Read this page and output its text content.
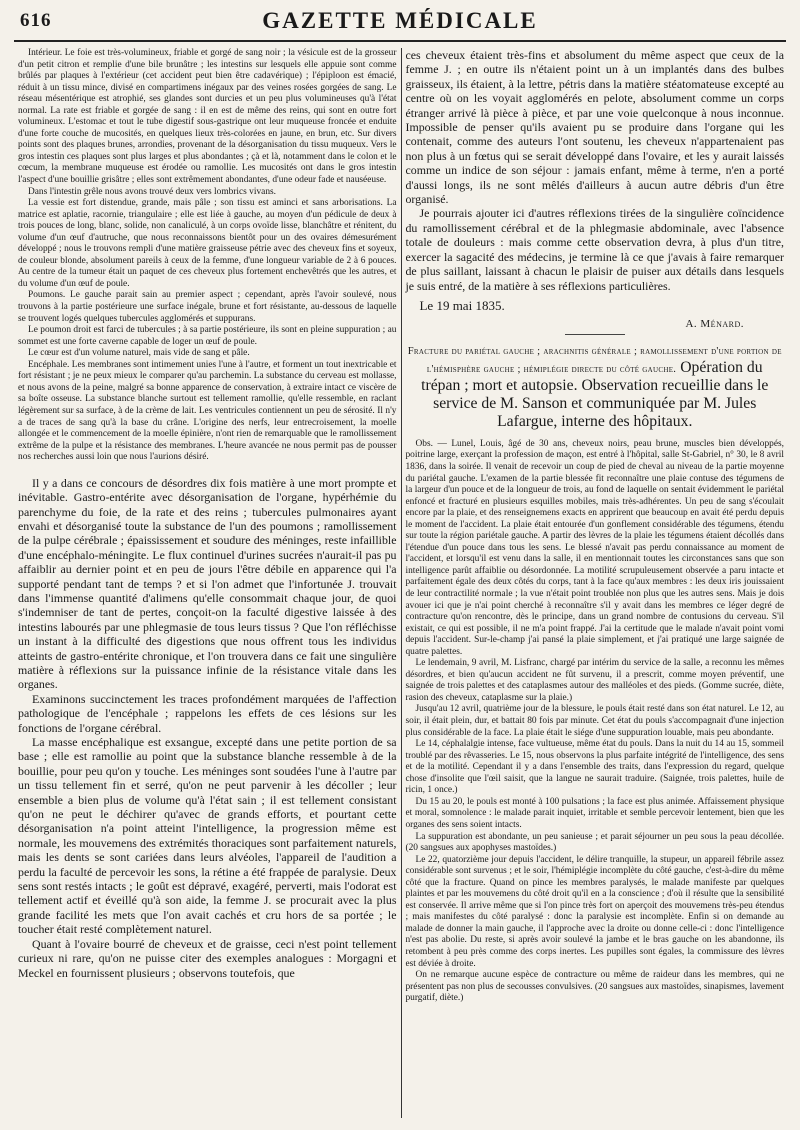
616	GAZETTE MÉDICALE

Intérieur. Le foie est très-volumineux, friable et gorgé de sang noir ; la vésicule est de la grosseur d'un petit citron et remplie d'une bile brunâtre ; les intestins sur lesquels elle appuie sont comme brûlés par plaques à l'extérieur (cet accident peut bien être cadavérique) ; l'épiploon est émacié, réduit à un tissu mince, divisé en compartimens inégaux par des veines rosées gorgées de sang. Le réseau mésentérique est atrophié, ses glandes sont durcies et un peu plus volumineuses qu'à l'état normal. La rate est friable et gorgée de sang : il en est de même des reins, qui sont en outre fort volumineux. L'estomac et tout le tube digestif sous-gastrique ont leur muqueuse froncée et enduite d'une forte couche de mucosités, en quelques lieux très-colorées en jaune, en brun, etc. Sur divers points sont des plaques brunes, arrondies, provenant de la désorganisation du tissu muqueux. Vers le gros intestin ces plaques sont plus larges et plus abondantes ; çà et là, notamment dans le colon et le cœcum, la membrane muqueuse est érodée ou ramollie. Les mucosités ont dans le gros intestin l'aspect d'une bouillie grisâtre ; elles sont extrêmement abondantes, d'une odeur fade et nauséeuse.

Dans l'intestin grêle nous avons trouvé deux vers lombrics vivans.

La vessie est fort distendue, grande, mais pâle ; son tissu est aminci et sans arborisations. La matrice est aplatie, racornie, triangulaire ; elle est liée à gauche, au moyen d'un pédicule de deux à trois pouces de long, blanc, solide, non canaliculé, à un corps ovoïde lisse, blanchâtre et rénitent, du volume d'un œuf d'autruche, que nous reconnaissons bientôt pour un des ovaires démesurément développé ; nous le trouvons rempli d'une matière graisseuse pétrie avec des cheveux fins et soyeux, de couleur blonde, absolument pareils à ceux de la femme, d'une longueur variable de 2 à 6 pouces. Au centre de la tumeur était un paquet de ces cheveux plus fortement enchevêtrés que les autres, et du volume d'un œuf de poule.

Poumons. Le gauche parait sain au premier aspect ; cependant, après l'avoir soulevé, nous trouvons à la partie postérieure une surface inégale, brune et fort résistante, au-dessous de laquelle se trouvent logés quelques tubercules agglomérés et suppurans.

Le poumon droit est farci de tubercules ; à sa partie postérieure, ils sont en pleine suppuration ; au sommet est une forte caverne capable de loger un œuf de poule.

Le cœur est d'un volume naturel, mais vide de sang et pâle.

Encéphale. Les membranes sont intimement unies l'une à l'autre, et forment un tout inextricable et fort résistant ; je ne peux mieux le comparer qu'au parchemin. La substance du cerveau est mollasse, et nous avons de la peine, malgré sa bonne apparence de conservation, à extraire intact ce viscère de sa boîte osseuse. La substance blanche surtout est tellement ramollie, qu'elle ressemble, en raclant légèrement sur sa surface, à de la crème de lait. Les ventricules contiennent un peu de sérosité. Il n'y a de traces de sang qu'à la base du crâne. L'origine des nerfs, leur entrecroisement, la moelle allongée et le commencement de la moelle épinière, n'ont rien de remarquable que le ramollissement extrême de la pulpe et la résistance des membranes. L'heure avancée ne nous permit pas de pousser nos recherches aussi loin que nous l'aurions désiré.

Il y a dans ce concours de désordres dix fois matière à une mort prompte et inévitable. Gastro-entérite avec désorganisation de l'organe, hypérhémie du parenchyme du foie, de la rate et des reins ; tubercules pulmonaires ayant envahi et désorganisé toute la substance de l'un des poumons ; ramollissement de la pulpe cérébrale ; épaississement et soudure des méninges, reste infaillible d'une encéphalo-méningite. Le flux continuel d'urines sucrées n'aurait-il pas pu affaiblir au dernier point et en peu de jours l'être débile en apparence qui l'a supporté pendant tant de temps ? et si l'on admet que l'infortunée J. trouvait dans l'immense quantité d'alimens qu'elle consommait chaque jour, de quoi s'indemniser de tant de pertes, conçoit-on la faculté digestive laissée à des intestins labourés par une phlegmasie de tous leurs tissus ? Que l'on réfléchisse un instant à la difficulté des digestions que nous offrent tous les individus atteints de gastro-entérite chronique, et l'on trouvera dans ce fait une singulière matière à réflexions sur la puissance infinie de la résistance vitale dans les organes.

Examinons succinctement les traces profondément marquées de l'affection pathologique de l'encéphale ; rappelons les effets de ces lésions sur les fonctions de l'organe cérébral.

La masse encéphalique est exsangue, excepté dans une petite portion de sa base ; elle est ramollie au point que la substance blanche ressemble à de la bouillie, pour peu qu'on y touche. Les méninges sont soudées l'une à l'autre par un tissu tellement fin et serré, qu'on ne peut parvenir à les décoller ; leur ensemble a bien plus de volume qu'à l'état sain ; il est tellement consistant qu'on ne peut le déchirer qu'avec de grands efforts, et pourtant cette désorganisation n'a point atteint l'intelligence, la progression même est normale, les mouvemens des extrémités thoraciques sont parfaitement naturels, mais les dents se sont cariées dans leurs alvéoles, l'appareil de l'audition a perdu la faculté de percevoir les sons, la rétine a été frappée de paralysie. Deux sens sont restés intacts ; le goût est dépravé, exagéré, perverti, mais l'odorat est tellement actif et éveillé qu'à son aide, la femme J. se procurait avec la plus grande facilité les mets que l'on avait cachés et cru hors de sa portée ; le toucher était resté complètement naturel.

Quant à l'ovaire bourré de cheveux et de graisse, ceci n'est point tellement curieux ni rare, qu'on ne puisse citer des exemples analogues : Morgagni et Meckel en fournissent plusieurs ; observons toutefois, que

ces cheveux étaient très-fins et absolument du même aspect que ceux de la femme J. ; en outre ils n'étaient point un à un implantés dans des bulbes graisseux, ils étaient, à la lettre, pétris dans la matière stéatomateuse excepté au centre où on les voyait agglomérés en pelote, absolument comme un corps étranger arrivé là pièce à pièce, et par une voie quelconque à nous inconnue. Impossible de penser qu'ils avaient pu se produire dans l'organe qui les contenait, comme des auteurs l'ont soutenu, les cheveux n'appartenaient pas non plus à un fœtus qui se serait développé dans l'ovaire, et les y aurait laissés comme un indice de son séjour : jamais enfant, même à terme, n'en a porté d'aussi longs, ils ne sont mêlés d'ailleurs à aucun autre débris d'un être organisé.

Je pourrais ajouter ici d'autres réflexions tirées de la singulière coïncidence du ramollissement cérébral et de la phlegmasie abdominale, avec l'absence totale de douleurs : mais comme cette observation devra, à plus d'un titre, exercer la sagacité des médecins, je termine là ce que j'avais à faire remarquer de plus saillant, laissant à chacun le plaisir de puiser aux détails dans lesquels je suis entré, de la matière à ses réflexions particulières.

Le 19 mai 1835.
A. Ménard.
Fracture du pariétal gauche ; arachnitis générale ; ramollissement d'une portion de l'hémisphère gauche ; hémiplégie directe du côté gauche. Opération du trépan ; mort et autopsie. Observation recueillie dans le service de M. Sanson et communiquée par M. Jules Lafargue, interne des hôpitaux.

Obs. — Lunel, Louis, âgé de 30 ans, cheveux noirs, peau brune, muscles bien développés, poitrine large, exerçant la profession de maçon, est entré à l'hôpital, salle St-Gabriel, n° 30, le 8 avril 1836, dans la soirée. Il venait de recevoir un coup de pied de cheval au niveau de la partie moyenne du pariétal gauche. L'examen de la partie blessée fit reconnaître une plaie contuse des tégumens de la largeur d'un pouce et de la longueur de trois, au fond de laquelle on sentait évidemment le pariétal enfoncé et fracturé en plusieurs esquilles mobiles, mais très-adhérentes. Un peu de sang s'écoulait encore par la plaie, et des renseignemens exacts en apprirent que beaucoup en avait été perdu depuis le moment de l'accident. La plaie était entourée d'un gonflement considérable des tégumens, étendu sur toute la région pariétale gauche. A partir des lèvres de la plaie les tégumens étaient décollés dans l'étendue d'un pouce dans tous les sens. Le blessé n'avait pas perdu connaissance au moment de l'accident, et lorsqu'il est venu dans la salle, il en mentionnait toutes les circonstances sans que son intelligence parût affaiblie ou désordonnée. La motilité scrupuleusement observée a paru intacte et parfaitement égale des deux côtés du corps, tant à la face qu'aux membres : les deux iris jouissaient de leur contractilité normale ; la vue n'était point troublée non plus que les autres sens. Mais je dois avouer ici que je n'ai point cherché à reconnaître s'il y avait dans les membres ce léger degré de contracture qu'on rencontre, dès le principe, dans un grand nombre de contusions du cerveau. S'il existait, ce qui est possible, il ne m'a point frappé. J'ai la certitude que le malade n'avait point vomi depuis l'accident. Sur-le-champ j'ai pansé la plaie simplement, et j'ai pratiqué une large saignée de quatre palettes.

Le lendemain, 9 avril, M. Lisfranc, chargé par intérim du service de la salle, a reconnu les mêmes désordres, et bien qu'aucun accident ne fût survenu, il a prescrit, comme moyen préventif, une saignée de trois palettes et des cataplasmes autour des malléoles et des pieds. (Gomme sucrée, diète, rasion des cheveux, cataplasme sur la plaie.)

Jusqu'au 12 avril, quatrième jour de la blessure, le pouls était resté dans son état naturel. Le 12, au soir, il était plein, dur, et battait 80 fois par minute. Cet état du pouls s'accompagnait d'une injection plus considérable de la face. La plaie était le siége d'une suppuration louable, mais peu abondante.

Le 14, céphalalgie intense, face vultueuse, même état du pouls. Dans la nuit du 14 au 15, sommeil troublé par des rêvasseries. Le 15, nous observons la plus parfaite intégrité de l'intelligence, des sens et de la motilité. Cependant il y a dans l'ensemble des traits, dans l'expression du regard, quelque chose d'insolite que l'œil saisit, que la langue ne saurait traduire. (Saignée, trois palettes, huile de ricin, 1 once.)

Du 15 au 20, le pouls est monté à 100 pulsations ; la face est plus animée. Affaissement physique et moral, somnolence : le malade parait inquiet, irritable et semble percevoir lentement, bien que les organes des sens soient intacts.

La suppuration est abondante, un peu sanieuse ; et parait séjourner un peu sous la peau décollée. (20 sangsues aux apophyses mastoïdes.)

Le 22, quatorzième jour depuis l'accident, le délire tranquille, la stupeur, un appareil fébrile assez considérable sont survenus ; et le soir, l'hémiplégie incomplète du côté gauche, c'est-à-dire du même côté que la fracture. Quand on pince les membres paralysés, le malade manifeste par quelques plaintes et par les mouvemens du côté droit qu'il en a la conscience ; d'où il résulte que la sensibilité est conservée. Il arrive même que si l'on pince très fort on aperçoit des mouvemens très-peu étendus ; mais manifestes du côté paralysé : donc la paralysie est incomplète. Enfin si on demande au malade de donner la main gauche, il l'approche avec la droite ou donne celle-ci : donc l'intelligence n'est pas abolie. Du reste, si après avoir soulevé la jambe et le bras gauche on les abandonne, ils retombent à peu près comme des corps inertes. Les pupilles sont égales, la commissure des lèvres est déviée à droite.

On ne remarque aucune espèce de contracture ou même de raideur dans les membres, qui ne présentent pas non plus de secousses convulsives. (20 sangsues aux mastoïdes, sinapismes, lavement purgatif, diète.)
